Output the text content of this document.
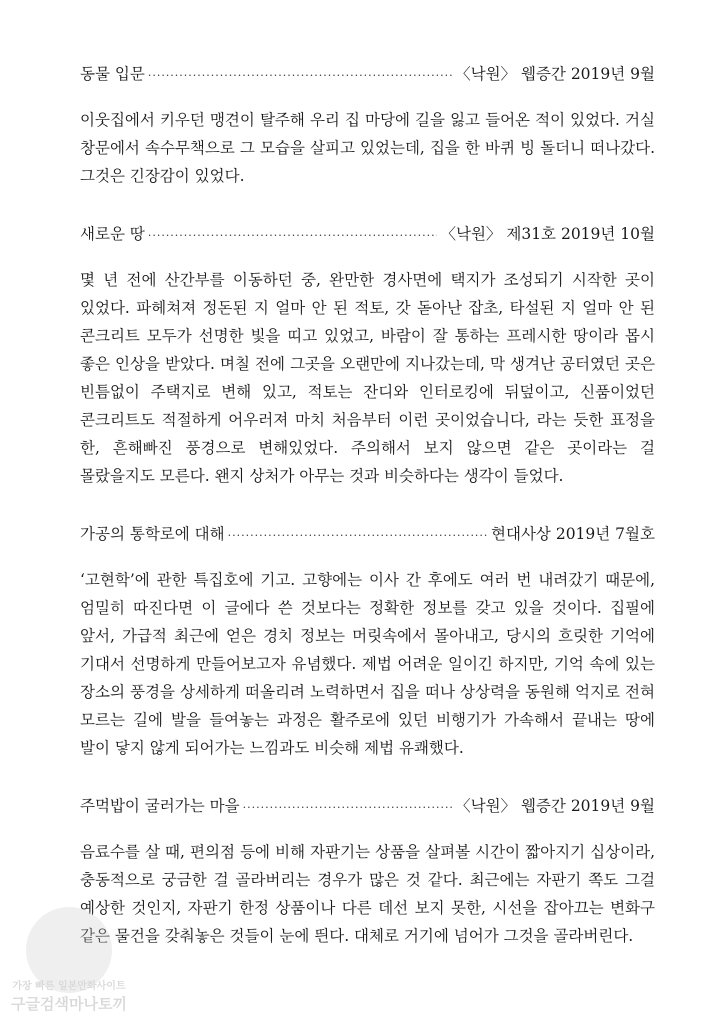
동물 입문 ·····	〈낙원〉 웹증간 2019년 9월

이웃집에서 키우던 맹견이 탈주해 우리 집 마당에 길을 잃고 들어온 적이 있었다. 거실 창문에서 속수무책으로 그 모습을 살피고 있었는데, 집을 한 바퀴 빙 돌더니 떠나갔다. 그것은 긴장감이 있었다.

새로운 땅 ·····	〈낙원〉 제31호 2019년 10월

몇 년 전에 산간부를 이동하던 중, 완만한 경사면에 택지가 조성되기 시작한 곳이 있었다. 파헤쳐져 정돈된 지 얼마 안 된 적토, 갓 돋아난 잡초, 타설된 지 얼마 안 된 콘크리트 모두가 선명한 빛을 띠고 있었고, 바람이 잘 통하는 프레시한 땅이라 몹시 좋은 인상을 받았다. 며칠 전에 그곳을 오랜만에 지나갔는데, 막 생겨난 공터였던 곳은 빈틈없이 주택지로 변해 있고, 적토는 잔디와 인터로킹에 뒤덮이고, 신품이었던 콘크리트도 적절하게 어우러져 마치 처음부터 이런 곳이었습니다, 라는 듯한 표정을 한, 흔해빠진 풍경으로 변해있었다. 주의해서 보지 않으면 같은 곳이라는 걸 몰랐을지도 모른다. 왠지 상처가 아무는 것과 비슷하다는 생각이 들었다.

가공의 통학로에 대해 ·····	현대사상 2019년 7월호

‘고현학’에 관한 특집호에 기고. 고향에는 이사 간 후에도 여러 번 내려갔기 때문에, 엄밀히 따진다면 이 글에다 쓴 것보다는 정확한 정보를 갖고 있을 것이다. 집필에 앞서, 가급적 최근에 얻은 경치 정보는 머릿속에서 몰아내고, 당시의 흐릿한 기억에 기대서 선명하게 만들어보고자 유념했다. 제법 어려운 일이긴 하지만, 기억 속에 있는 장소의 풍경을 상세하게 떠올리려 노력하면서 집을 떠나 상상력을 동원해 억지로 전혀 모르는 길에 발을 들여놓는 과정은 활주로에 있던 비행기가 가속해서 끝내는 땅에 발이 닿지 않게 되어가는 느낌과도 비슷해 제법 유쾌했다.

주먹밥이 굴러가는 마을 ·····	〈낙원〉 웹증간 2019년 9월

음료수를 살 때, 편의점 등에 비해 자판기는 상품을 살펴볼 시간이 짧아지기 십상이라, 충동적으로 궁금한 걸 골라버리는 경우가 많은 것 같다. 최근에는 자판기 쪽도 그걸 예상한 것인지, 자판기 한정 상품이나 다른 데선 보지 못한, 시선을 잡아끄는 변화구 같은 물건을 갖춰놓은 것들이 눈에 띈다. 대체로 거기에 넘어가 그것을 골라버린다.

가장 빠른 일본만화사이트
구글검색마나토끼
